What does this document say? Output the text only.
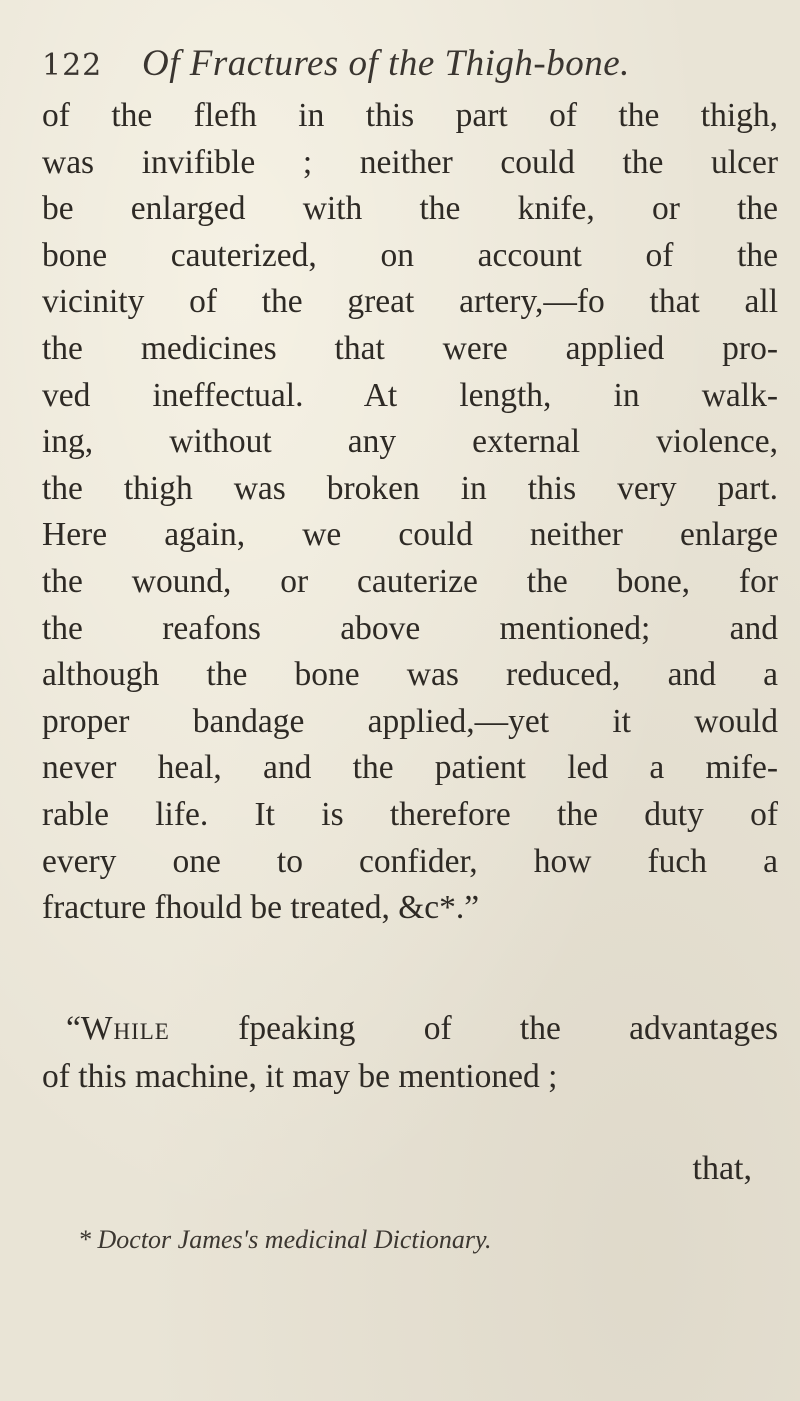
122 Of Fractures of the Thigh-bone.
of the flefh in this part of the thigh,
was invifible ; neither could the ulcer
be enlarged with the knife, or the
bone cauterized, on account of the
vicinity of the great artery,—fo that all
the medicines that were applied pro-
ved ineffectual. At length, in walk-
ing, without any external violence,
the thigh was broken in this very part.
Here again, we could neither enlarge
the wound, or cauterize the bone, for
the reafons above mentioned; and
although the bone was reduced, and a
proper bandage applied,—yet it would
never heal, and the patient led a mife-
rable life. It is therefore the duty of
every one to confider, how fuch a
fracture fhould be treated, &c*.”
“While fpeaking of the advantages
of this machine, it may be mentioned ;
that,
* Doctor James's medicinal Dictionary.
